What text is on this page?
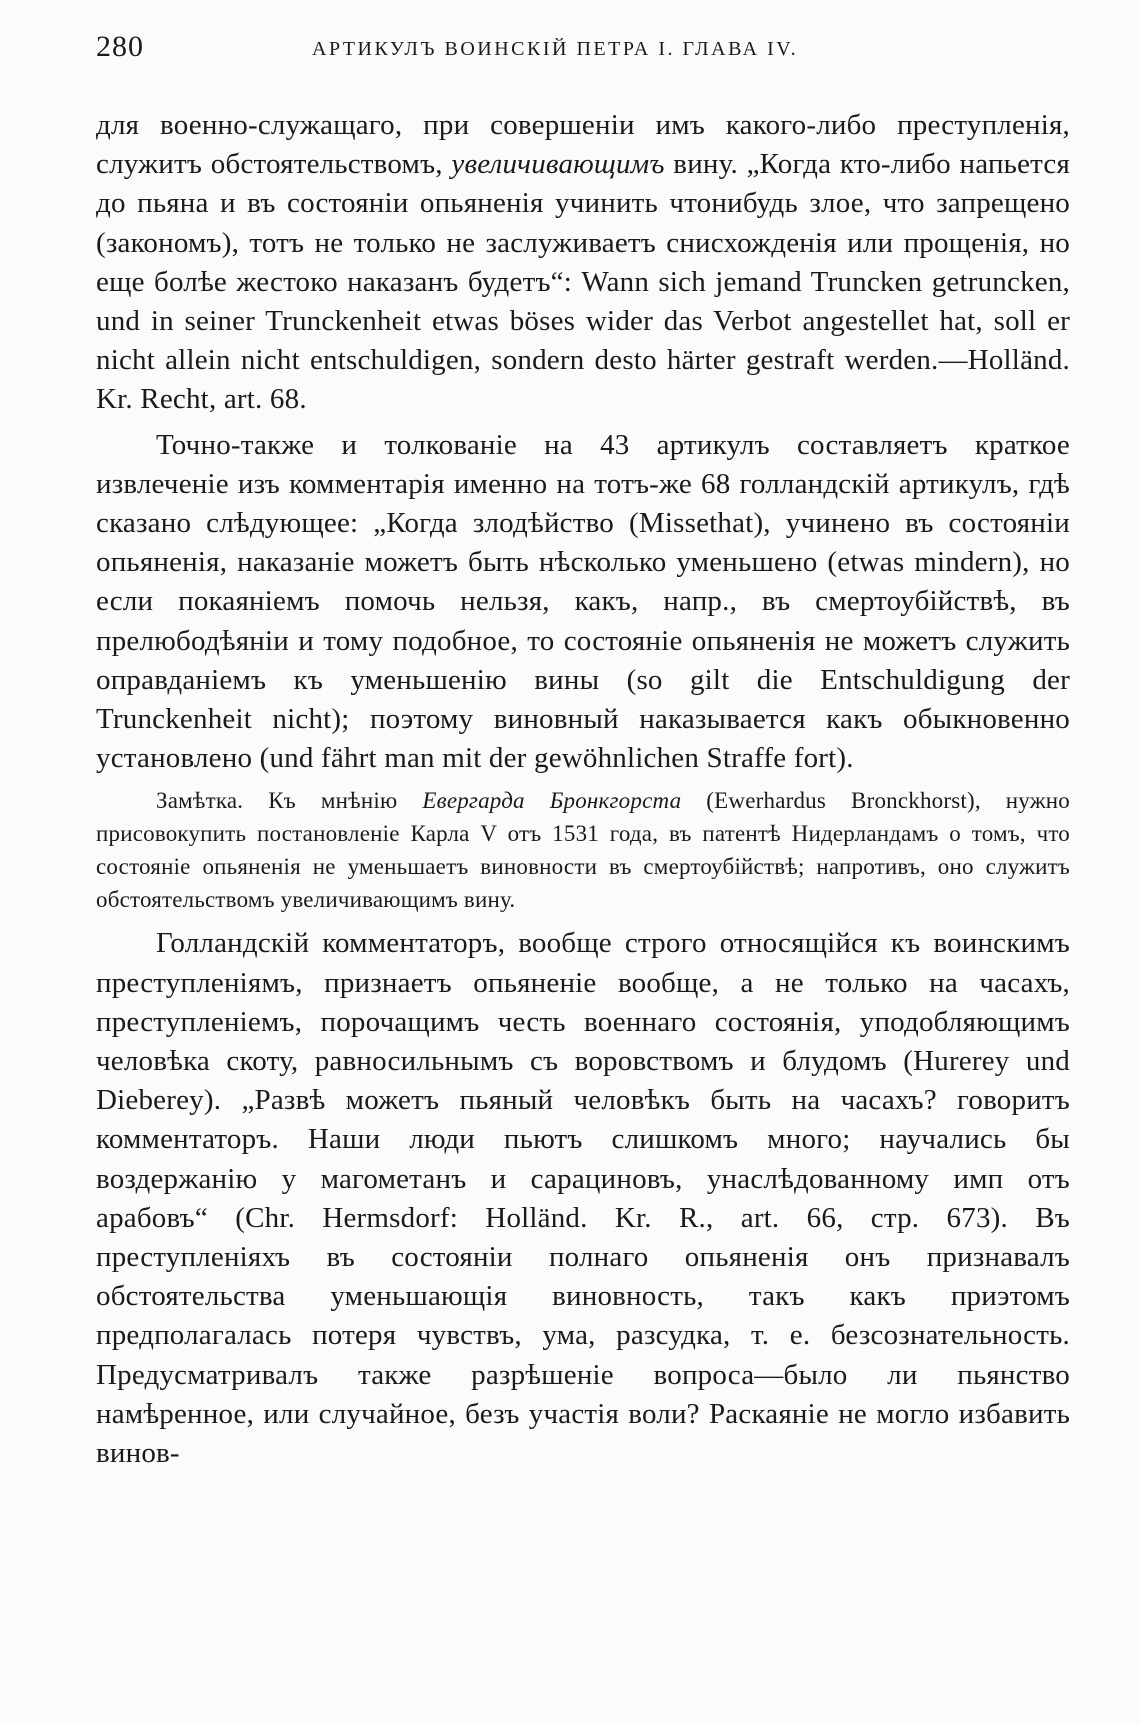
280	АРТИКУЛЪ ВОИНСКІЙ ПЕТРА I. ГЛАВА IV.

для военно-служащаго, при совершеніи имъ какого-либо преступленія, служитъ обстоятельствомъ, увеличивающимъ вину. „Когда кто-либо напьется до пьяна и въ состояніи опьяненія учинить чтонибудь злое, что запрещено (закономъ), тотъ не только не заслуживаетъ снисхожденія или прощенія, но еще болѣе жестоко наказанъ будетъ“: Wann sich jemand Truncken getruncken, und in seiner Trunckenheit etwas böses wider das Verbot angestellet hat, soll er nicht allein nicht entschuldigen, sondern desto härter gestraft werden.—Holländ. Kr. Recht, art. 68.

Точно-также и толкованіе на 43 артикулъ составляетъ краткое извлеченіе изъ комментарія именно на тотъ-же 68 голландскій артикулъ, гдѣ сказано слѣдующее: „Когда злодѣйство (Missethat), учинено въ состояніи опьяненія, наказаніе можетъ быть нѣсколько уменьшено (etwas mindern), но если покаяніемъ помочь нельзя, какъ, напр., въ смертоубійствѣ, въ прелюбодѣяніи и тому подобное, то состояніе опьяненія не можетъ служить оправданіемъ къ уменьшенію вины (so gilt die Entschuldigung der Trunckenheit nicht); поэтому виновный наказывается какъ обыкновенно установлено (und fährt man mit der gewöhnlichen Straffe fort).

Замѣтка. Къ мнѣнію Евергарда Бронкгорста (Ewerhardus Bronckhorst), нужно присовокупить постановленіе Карла V отъ 1531 года, въ патентѣ Нидерландамъ о томъ, что состояніе опьяненія не уменьшаетъ виновности въ смертоубійствѣ; напротивъ, оно служитъ обстоятельствомъ увеличивающимъ вину.

Голландскій комментаторъ, вообще строго относящійся къ воинскимъ преступленіямъ, признаетъ опьяненіе вообще, а не только на часахъ, преступленіемъ, порочащимъ честь военнаго состоянія, уподобляющимъ человѣка скоту, равносильнымъ съ воровствомъ и блудомъ (Hurerey und Dieberey). „Развѣ можетъ пьяный человѣкъ быть на часахъ? говоритъ комментаторъ. Наши люди пьютъ слишкомъ много; научались бы воздержанію у магометанъ и сарациновъ, унаслѣдованному имп отъ арабовъ“ (Chr. Hermsdorf: Holländ. Kr. R., art. 66, стр. 673). Въ преступленіяхъ въ состояніи полнаго опьяненія онъ признавалъ обстоятельства уменьшающія виновность, такъ какъ приэтомъ предполагалась потеря чувствъ, ума, разсудка, т. е. безсознательность. Предусматривалъ также разрѣшеніе вопроса—было ли пьянство намѣренное, или случайное, безъ участія воли? Раскаяніе не могло избавить винов-
